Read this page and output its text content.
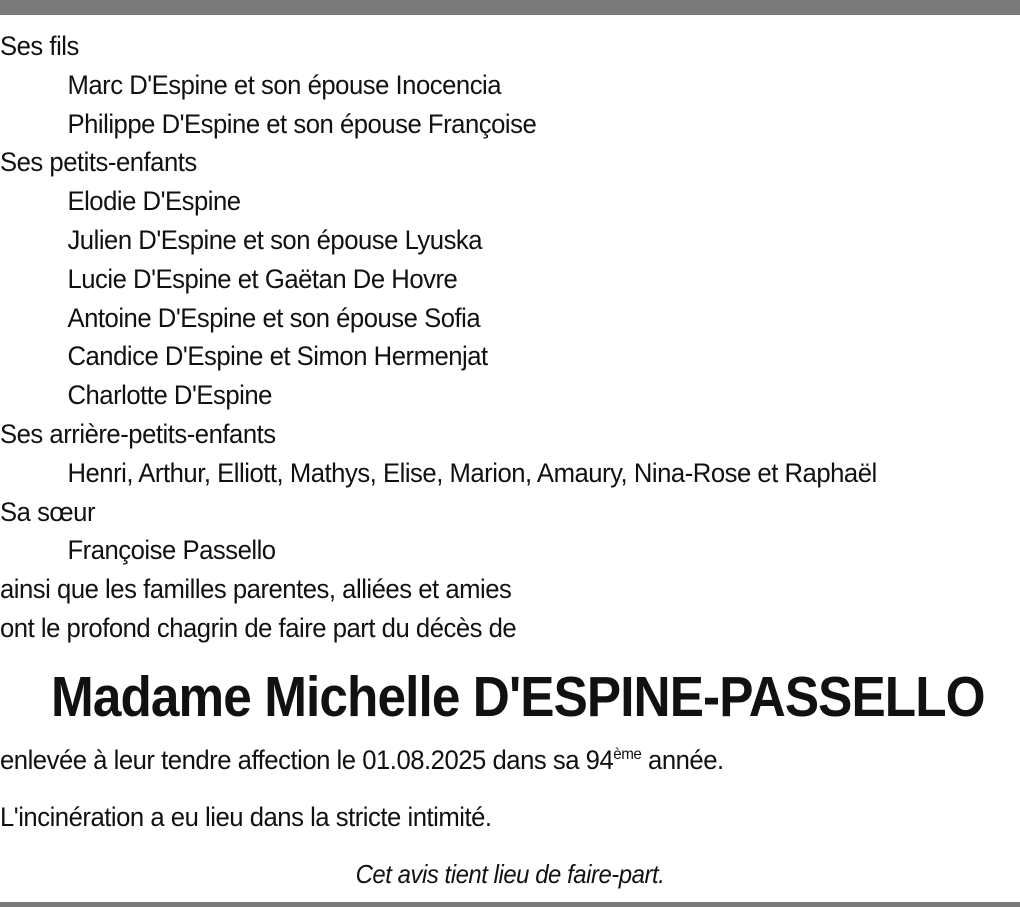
Ses fils
Marc D'Espine et son épouse Inocencia
Philippe D'Espine et son épouse Françoise
Ses petits-enfants
Elodie D'Espine
Julien D'Espine et son épouse Lyuska
Lucie D'Espine et Gaëtan De Hovre
Antoine D'Espine et son épouse Sofia
Candice D'Espine et Simon Hermenjat
Charlotte D'Espine
Ses arrière-petits-enfants
Henri, Arthur, Elliott, Mathys, Elise, Marion, Amaury, Nina-Rose et Raphaël
Sa sœur
Françoise Passello
ainsi que les familles parentes, alliées et amies
ont le profond chagrin de faire part du décès de
Madame Michelle D'ESPINE-PASSELLO
enlevée à leur tendre affection le 01.08.2025 dans sa 94ème année.
L'incinération a eu lieu dans la stricte intimité.
Cet avis tient lieu de faire-part.
